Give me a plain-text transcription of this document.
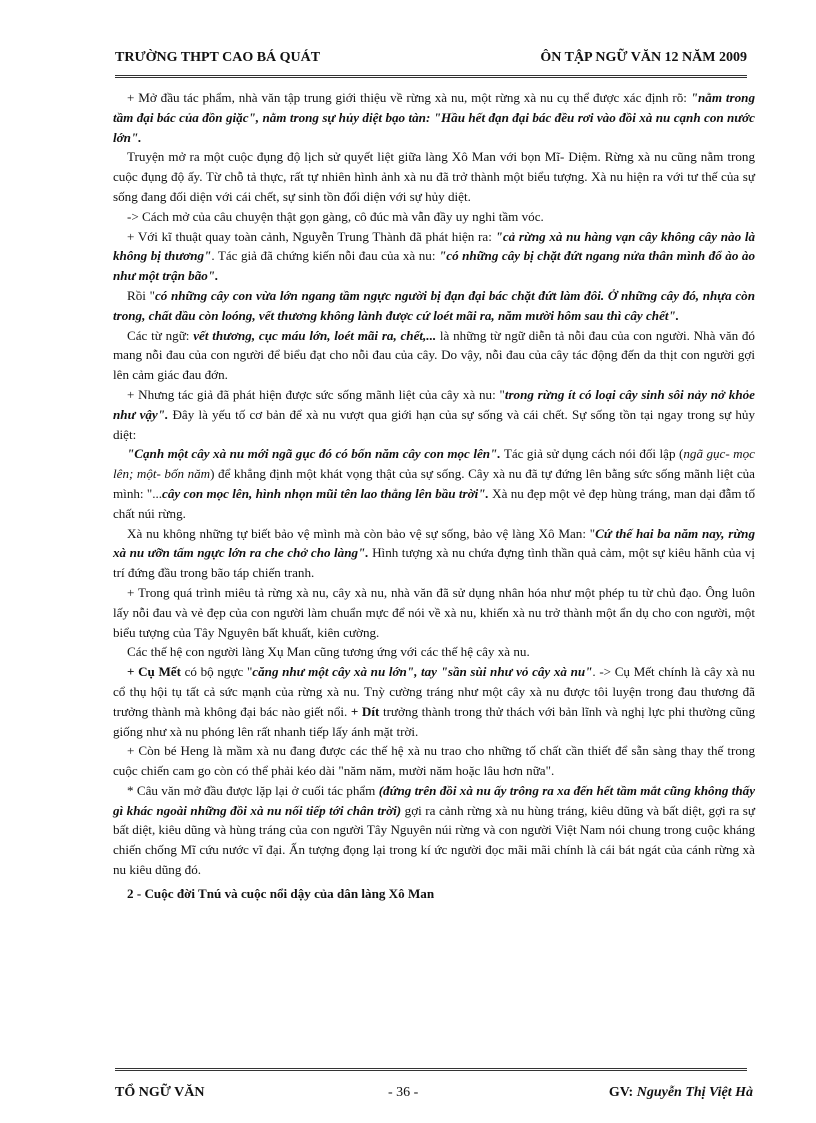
TRƯỜNG THPT CAO BÁ QUÁT	ÔN TẬP NGỮ VĂN 12 NĂM 2009

+ Mở đầu tác phẩm, nhà văn tập trung giới thiệu về rừng xà nu, một rừng xà nu cụ thể được xác định rõ: "nằm trong tầm đại bác của đồn giặc", nằm trong sự hủy diệt bạo tàn: "Hầu hết đạn đại bác đều rơi vào đồi xà nu cạnh con nước lớn".

Truyện mở ra một cuộc đụng độ lịch sử quyết liệt giữa làng Xô Man với bọn Mĩ- Diệm. Rừng xà nu cũng nằm trong cuộc đụng độ ấy. Từ chỗ tả thực, rất tự nhiên hình ảnh xà nu đã trở thành một biểu tượng. Xà nu hiện ra với tư thế của sự sống đang đối diện với cái chết, sự sinh tồn đối diện với sự hủy diệt.

-> Cách mở của câu chuyện thật gọn gàng, cô đúc mà vẫn đầy uy nghi tầm vóc.

+ Với kĩ thuật quay toàn cảnh, Nguyễn Trung Thành đã phát hiện ra: "cả rừng xà nu hàng vạn cây không cây nào là không bị thương". Tác giả đã chứng kiến nỗi đau của xà nu: "có những cây bị chặt đứt ngang nửa thân mình đổ ào ào như một trận bão".

Rồi "có những cây con vừa lớn ngang tầm ngực người bị đạn đại bác chặt đứt làm đôi. Ở những cây đó, nhựa còn trong, chất dầu còn loóng, vết thương không lành được cứ loét mãi ra, năm mười hôm sau thì cây chết".

Các từ ngữ: vết thương, cục máu lớn, loét mãi ra, chết,... là những từ ngữ diễn tả nỗi đau của con người. Nhà văn đó mang nỗi đau của con người để biểu đạt cho nỗi đau của cây. Do vậy, nỗi đau của cây tác động đến da thịt con người gợi lên cảm giác đau đớn.

+ Nhưng tác giả đã phát hiện được sức sống mãnh liệt của cây xà nu: "trong rừng ít có loại cây sinh sôi nảy nở khỏe như vậy". Đây là yếu tố cơ bản để xà nu vượt qua giới hạn của sự sống và cái chết. Sự sống tồn tại ngay trong sự hủy diệt:

"Cạnh một cây xà nu mới ngã gục đó có bốn năm cây con mọc lên". Tác giả sử dụng cách nói đối lập (ngã gục- mọc lên; một- bốn năm) để khẳng định một khát vọng thật của sự sống. Cây xà nu đã tự đứng lên bằng sức sống mãnh liệt của mình: "...cây con mọc lên, hình nhọn mũi tên lao thẳng lên bầu trời". Xà nu đẹp một vẻ đẹp hùng tráng, man dại đẫm tố chất núi rừng.

Xà nu không những tự biết bảo vệ mình mà còn bảo vệ sự sống, bảo vệ làng Xô Man: "Cứ thế hai ba năm nay, rừng xà nu ưỡn tấm ngực lớn ra che chở cho làng". Hình tượng xà nu chứa đựng tình thần quả cảm, một sự kiêu hãnh của vị trí đứng đầu trong bão táp chiến tranh.

+ Trong quá trình miêu tả rừng xà nu, cây xà nu, nhà văn đã sử dụng nhân hóa như một phép tu từ chủ đạo. Ông luôn lấy nỗi đau và vẻ đẹp của con người làm chuẩn mực để nói về xà nu, khiến xà nu trở thành một ẩn dụ cho con người, một biểu tượng của Tây Nguyên bất khuất, kiên cường.

Các thế hệ con người làng Xụ Man cũng tương ứng với các thế hệ cây xà nu.

+ Cụ Mết có bộ ngực "căng như một cây xà nu lớn", tay "sần sùi như vỏ cây xà nu". -> Cụ Mết chính là cây xà nu cổ thụ hội tụ tất cả sức mạnh của rừng xà nu. Tnỳ cường tráng như một cây xà nu được tôi luyện trong đau thương đã trưởng thành mà không đại bác nào giết nổi. + Dít trưởng thành trong thử thách với bản lĩnh và nghị lực phi thường cũng giống như xà nu phóng lên rất nhanh tiếp lấy ánh mặt trời.

+ Còn bé Heng là mầm xà nu đang được các thế hệ xà nu trao cho những tố chất cần thiết để sẵn sàng thay thế trong cuộc chiến cam go còn có thể phải kéo dài "năm năm, mười năm hoặc lâu hơn nữa".

* Câu văn mở đầu được lặp lại ở cuối tác phẩm (đứng trên đồi xà nu ấy trông ra xa đến hết tầm mắt cũng không thấy gì khác ngoài những đồi xà nu nối tiếp tới chân trời) gợi ra cảnh rừng xà nu hùng tráng, kiêu dũng và bất diệt, gợi ra sự bất diệt, kiêu dũng và hùng tráng của con người Tây Nguyên núi rừng và con người Việt Nam nói chung trong cuộc kháng chiến chống Mĩ cứu nước vĩ đại. Ấn tượng đọng lại trong kí ức người đọc mãi mãi chính là cái bát ngát của cánh rừng xà nu kiêu dũng đó.

2 - Cuộc đời Tnú và cuộc nổi dậy của dân làng Xô Man

TỔ NGỮ VĂN	- 36 -	GV: Nguyễn Thị Việt Hà
